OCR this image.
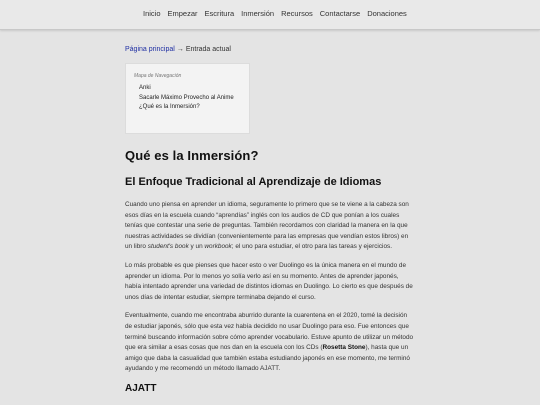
Inicio Empezar Escritura Inmersión Recursos Contactarse Donaciones
Página principal → Entrada actual
Mapa de Navegación
Anki
Sacarle Máximo Provecho al Anime
¿Qué es la Inmersión?
Qué es la Inmersión?
El Enfoque Tradicional al Aprendizaje de Idiomas

Cuando uno piensa en aprender un idioma, seguramente lo primero que se te viene a la cabeza son esos días en la escuela cuando “aprendías” inglés con los audios de CD que ponían a los cuales tenías que contestar una serie de preguntas. También recordamos con claridad la manera en la que nuestras actividades se dividían (convenientemente para las empresas que vendían estos libros) en un libro student's book y un workbook; el uno para estudiar, el otro para las tareas y ejercicios.

Lo más probable es que pienses que hacer esto o ver Duolingo es la única manera en el mundo de aprender un idioma. Por lo menos yo solía verlo así en su momento. Antes de aprender japonés, había intentado aprender una variedad de distintos idiomas en Duolingo. Lo cierto es que después de unos días de intentar estudiar, siempre terminaba dejando el curso.

Eventualmente, cuando me encontraba aburrido durante la cuarentena en el 2020, tomé la decisión de estudiar japonés, sólo que esta vez había decidido no usar Duolingo para eso. Fue entonces que terminé buscando información sobre cómo aprender vocabulario. Estuve apunto de utilizar un método que era similar a esas cosas que nos dan en la escuela con los CDs (Rosetta Stone), hasta que un amigo que daba la casualidad que también estaba estudiando japonés en ese momento, me terminó ayudando y me recomendó un método llamado AJATT.

AJATT
